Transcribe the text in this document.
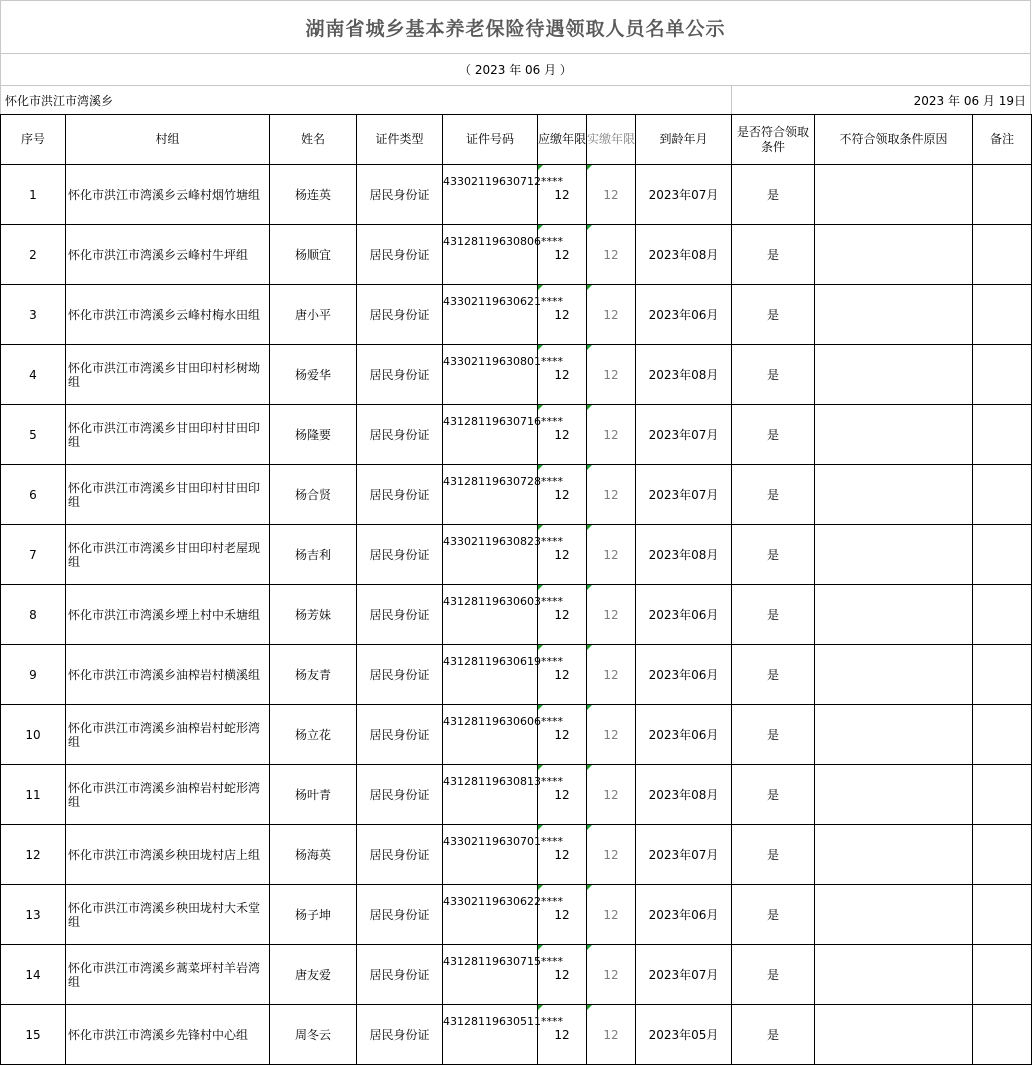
湖南省城乡基本养老保险待遇领取人员名单公示
（ 2023 年 06 月 ）
怀化市洪江市湾溪乡	2023 年 06 月 19日
序号	村组	姓名	证件类型	证件号码	应缴年限	实缴年限	到龄年月	是否符合领取条件	不符合领取条件原因	备注
1	怀化市洪江市湾溪乡云峰村烟竹塘组	杨连英	居民身份证	43302119630712****	12	12	2023年07月	是		
2	怀化市洪江市湾溪乡云峰村牛坪组	杨顺宜	居民身份证	43128119630806****	12	12	2023年08月	是		
3	怀化市洪江市湾溪乡云峰村梅水田组	唐小平	居民身份证	43302119630621****	12	12	2023年06月	是		
4	怀化市洪江市湾溪乡甘田印村杉树坳组	杨爱华	居民身份证	43302119630801****	12	12	2023年08月	是		
5	怀化市洪江市湾溪乡甘田印村甘田印组	杨隆要	居民身份证	43128119630716****	12	12	2023年07月	是		
6	怀化市洪江市湾溪乡甘田印村甘田印组	杨合贤	居民身份证	43128119630728****	12	12	2023年07月	是		
7	怀化市洪江市湾溪乡甘田印村老屋现组	杨吉利	居民身份证	43302119630823****	12	12	2023年08月	是		
8	怀化市洪江市湾溪乡堙上村中禾塘组	杨芳妹	居民身份证	43128119630603****	12	12	2023年06月	是		
9	怀化市洪江市湾溪乡油榨岩村横溪组	杨友青	居民身份证	43128119630619****	12	12	2023年06月	是		
10	怀化市洪江市湾溪乡油榨岩村蛇形湾组	杨立花	居民身份证	43128119630606****	12	12	2023年06月	是		
11	怀化市洪江市湾溪乡油榨岩村蛇形湾组	杨叶青	居民身份证	43128119630813****	12	12	2023年08月	是		
12	怀化市洪江市湾溪乡秧田垅村店上组	杨海英	居民身份证	43302119630701****	12	12	2023年07月	是		
13	怀化市洪江市湾溪乡秧田垅村大禾堂组	杨子坤	居民身份证	43302119630622****	12	12	2023年06月	是		
14	怀化市洪江市湾溪乡蒿菜坪村羊岩湾组	唐友爱	居民身份证	43128119630715****	12	12	2023年07月	是		
15	怀化市洪江市湾溪乡先锋村中心组	周冬云	居民身份证	43128119630511****	12	12	2023年05月	是		
